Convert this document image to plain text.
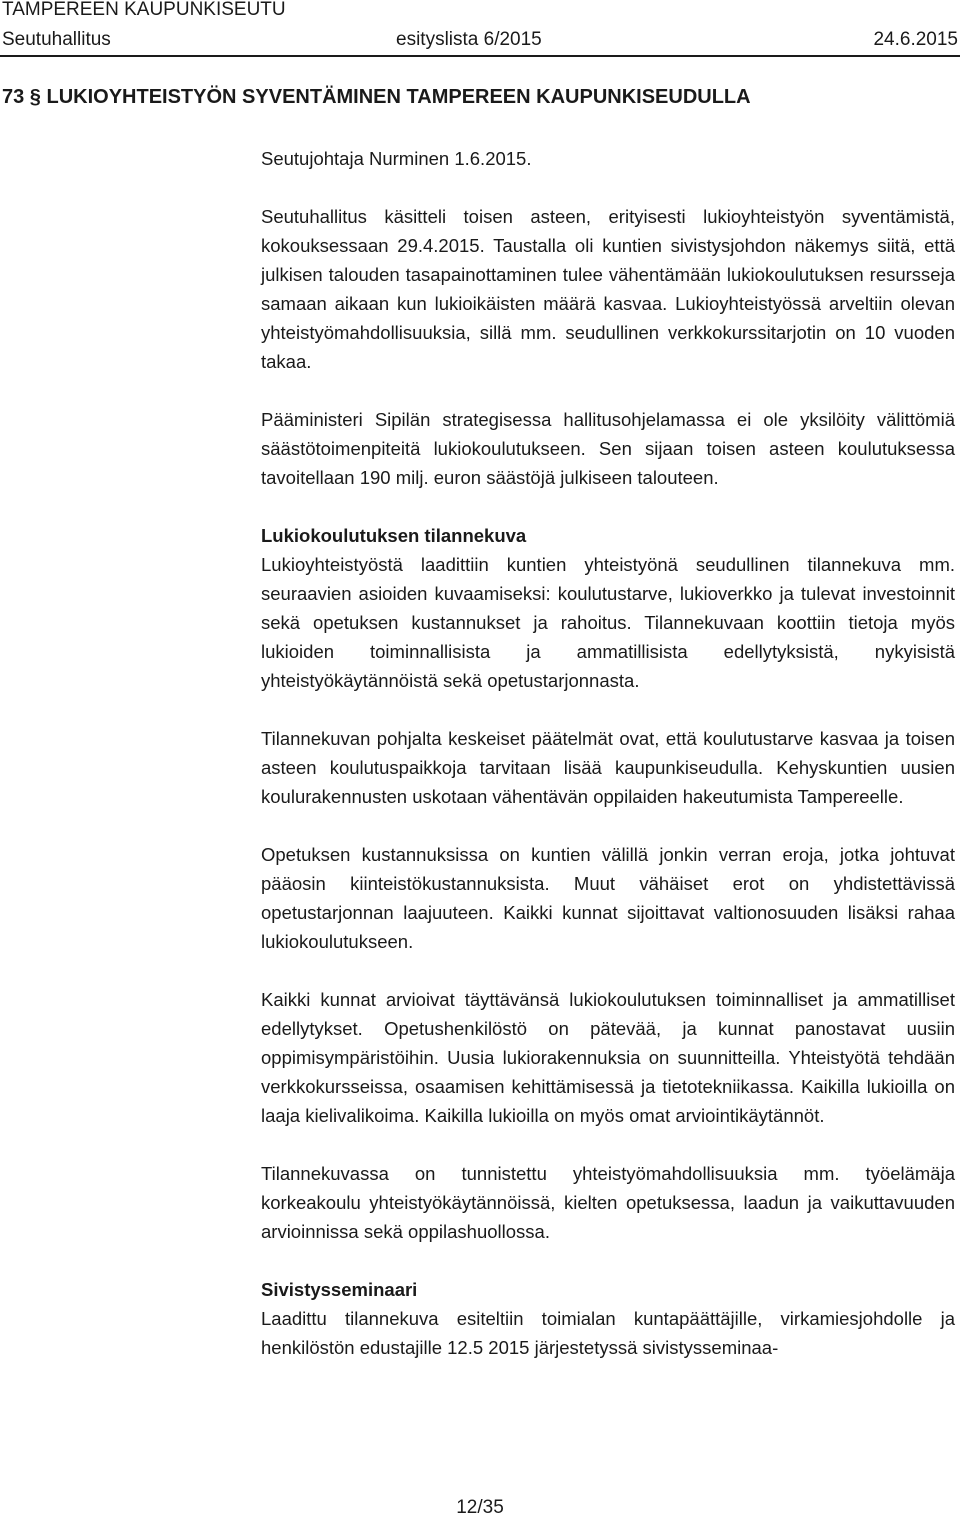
TAMPEREEN KAUPUNKISEUTU
Seutuhallitus	esityslista 6/2015	24.6.2015
73 § LUKIOYHTEISTYÖN SYVENTÄMINEN TAMPEREEN KAUPUNKISEUDULLA

Seutujohtaja Nurminen 1.6.2015.

Seutuhallitus käsitteli toisen asteen, erityisesti lukioyhteistyön syventämistä, kokouksessaan 29.4.2015. Taustalla oli kuntien sivistysjohdon näkemys siitä, että julkisen talouden tasapainottaminen tulee vähentämään lukiokoulutuksen resursseja samaan aikaan kun lukioikäisten määrä kasvaa. Lukioyhteistyössä arveltiin olevan yhteistyömahdollisuuksia, sillä mm. seudullinen verkkokurssitarjotin on 10 vuoden takaa.

Pääministeri Sipilän strategisessa hallitusohjelamassa ei ole yksilöity välittömiä säästötoimenpiteitä lukiokoulutukseen. Sen sijaan toisen asteen koulutuksessa tavoitellaan 190 milj. euron säästöjä julkiseen talouteen.

Lukiokoulutuksen tilannekuva

Lukioyhteistyöstä laadittiin kuntien yhteistyönä seudullinen tilannekuva mm. seuraavien asioiden kuvaamiseksi: koulutustarve, lukioverkko ja tulevat investoinnit sekä opetuksen kustannukset ja rahoitus. Tilannekuvaan koottiin tietoja myös lukioiden toiminnallisista ja ammatillisista edellytyksistä, nykyisistä yhteistyökäytännöistä sekä opetustarjonnasta.

Tilannekuvan pohjalta keskeiset päätelmät ovat, että koulutustarve kasvaa ja toisen asteen koulutuspaikkoja tarvitaan lisää kaupunkiseudulla. Kehyskuntien uusien koulurakennusten uskotaan vähentävän oppilaiden hakeutumista Tampereelle.

Opetuksen kustannuksissa on kuntien välillä jonkin verran eroja, jotka johtuvat pääosin kiinteistökustannuksista. Muut vähäiset erot on yhdistettävissä opetustarjonnan laajuuteen. Kaikki kunnat sijoittavat valtionosuuden lisäksi rahaa lukiokoulutukseen.

Kaikki kunnat arvioivat täyttävänsä lukiokoulutuksen toiminnalliset ja ammatilliset edellytykset. Opetushenkilöstö on pätevää, ja kunnat panostavat uusiin oppimisympäristöihin. Uusia lukiorakennuksia on suunnitteilla. Yhteistyötä tehdään verkkokursseissa, osaamisen kehittämisessä ja tietotekniikassa. Kaikilla lukioilla on laaja kielivalikoima. Kaikilla lukioilla on myös omat arviointikäytännöt.

Tilannekuvassa on tunnistettu yhteistyömahdollisuuksia mm. työelämäja korkeakoulu yhteistyökäytännöissä, kielten opetuksessa, laadun ja vaikuttavuuden arvioinnissa sekä oppilashuollossa.

Sivistysseminaari

Laadittu tilannekuva esiteltiin toimialan kuntapäättäjille, virkamiesjohdolle ja henkilöstön edustajille 12.5 2015 järjestetyssä sivistysseminaa-

12/35
